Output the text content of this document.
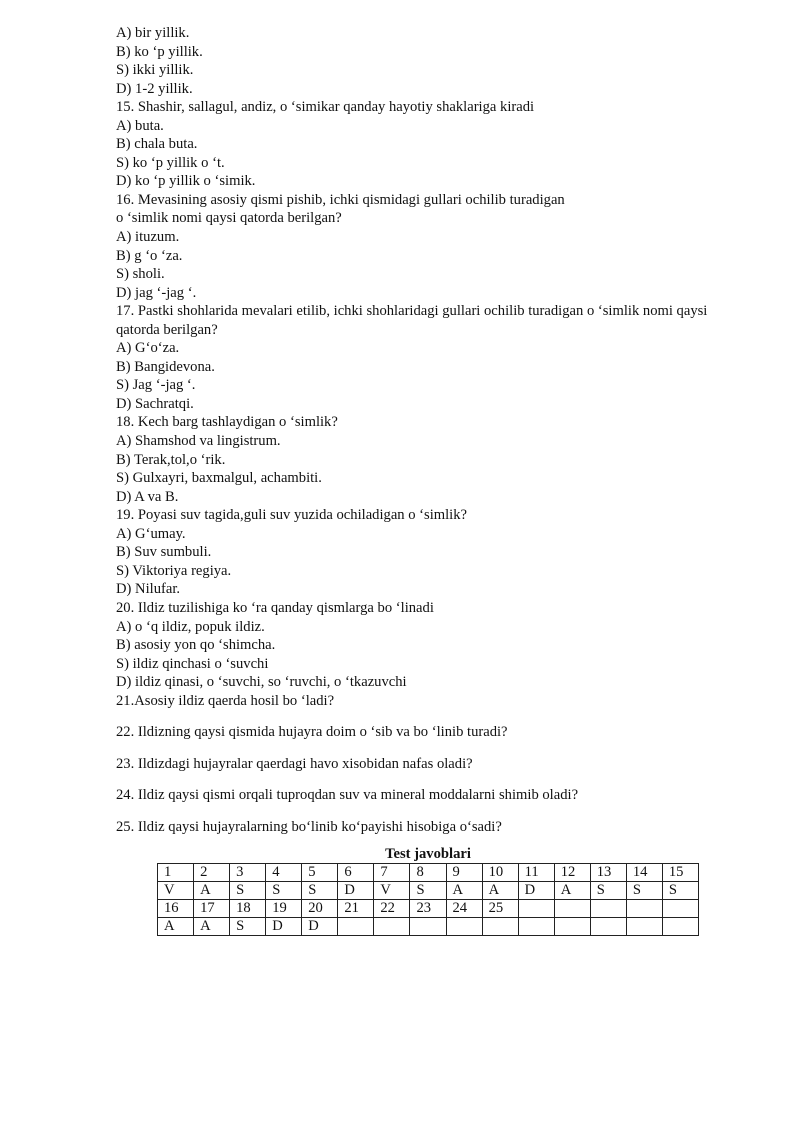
A) bir yillik.
B) ko ‘p yillik.
S) ikki yillik.
D) 1-2 yillik.
15. Shashir, sallagul, andiz, o ‘simikar qanday hayotiy shaklariga kiradi
A) buta.
B) chala buta.
S) ko ‘p yillik o ‘t.
D) ko ‘p yillik o ‘simik.
16. Mevasining asosiy qismi pishib, ichki qismidagi gullari ochilib turadigan
o ‘simlik nomi qaysi qatorda berilgan?
A) ituzum.
B) g ‘o ‘za.
S) sholi.
D) jag ‘-jag ‘.
17. Pastki shohlarida mevalari etilib, ichki shohlaridagi gullari ochilib turadigan o ‘simlik nomi qaysi qatorda berilgan?
A) G‘o‘za.
B) Bangidevona.
S) Jag ‘-jag ‘.
D) Sachratqi.
18. Kech barg tashlaydigan o ‘simlik?
A) Shamshod va lingistrum.
B) Terak,tol,o ‘rik.
S) Gulxayri, baxmalgul, achambiti.
D) A va B.
19. Poyasi suv tagida,guli suv yuzida ochiladigan o ‘simlik?
A) G‘umay.
B) Suv sumbuli.
S) Viktoriya regiya.
D) Nilufar.
20. Ildiz tuzilishiga ko ‘ra qanday qismlarga bo ‘linadi
A) o ‘q ildiz, popuk ildiz.
B) asosiy yon qo ‘shimcha.
S) ildiz qinchasi o ‘suvchi
D) ildiz qinasi, o ‘suvchi, so ‘ruvchi, o ‘tkazuvchi
21.Asosiy ildiz qaerda hosil bo ‘ladi?
22. Ildizning qaysi qismida hujayra doim o ‘sib va bo ‘linib turadi?
23. Ildizdagi hujayralar qaerdagi havo xisobidan nafas oladi?
24. Ildiz qaysi qismi orqali tuproqdan suv va mineral moddalarni shimib oladi?
25. Ildiz qaysi hujayralarning bo‘linib ko‘payishi hisobiga o‘sadi?
Test javoblari
1	2	3	4	5	6	7	8	9	10	11	12	13	14	15
V	A	S	S	S	D	V	S	A	A	D	A	S	S	S
16	17	18	19	20	21	22	23	24	25					
A	A	S	D	D										
